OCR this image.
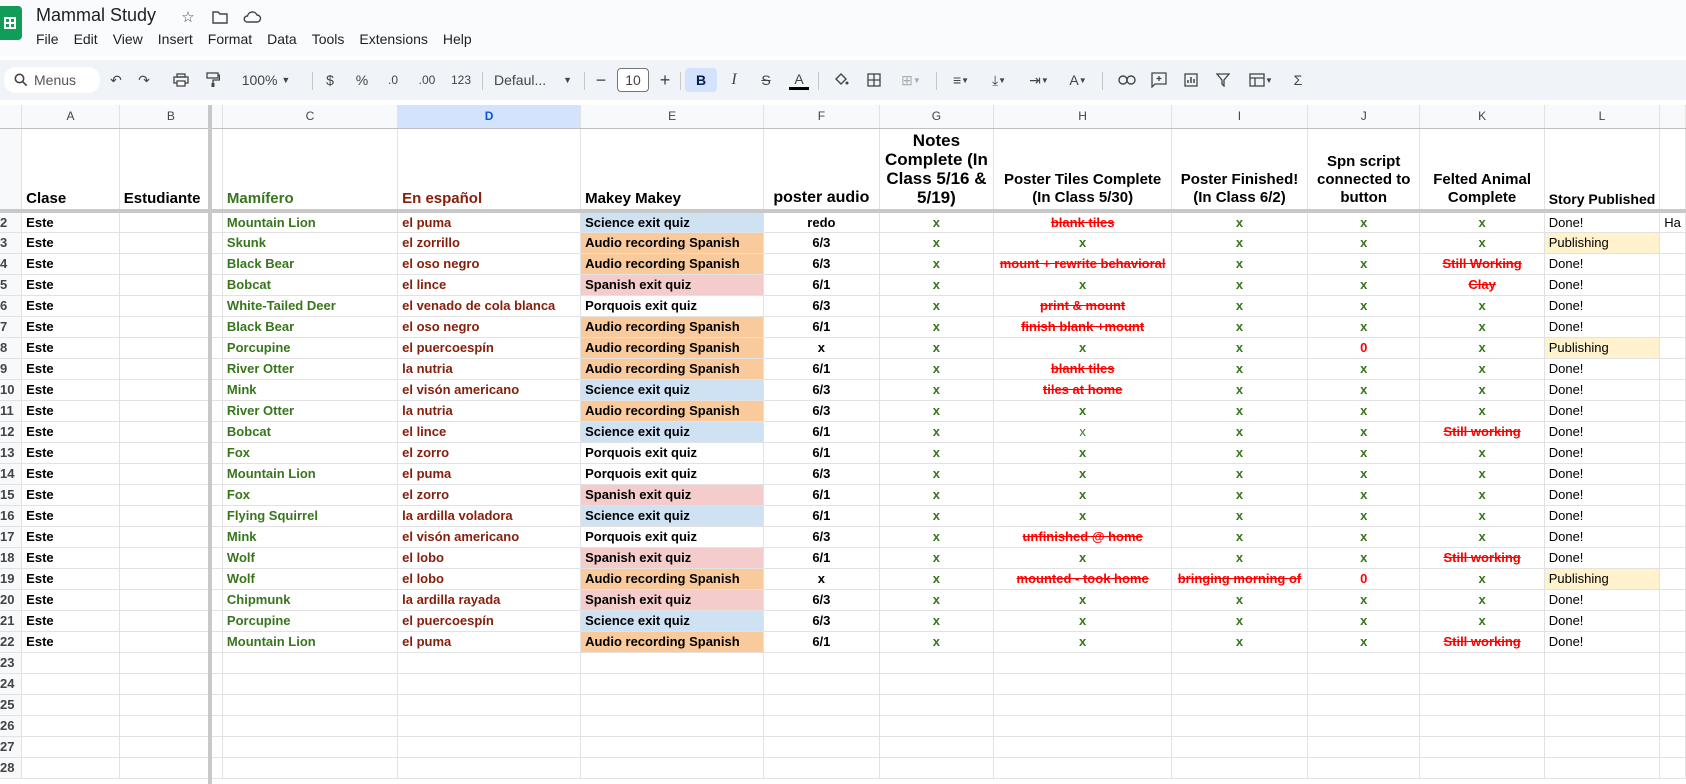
Mammal Study ☆
File	Edit	View	Insert	Format	Data	Tools	Extensions	Help
Menus ↶ ↷	100%
▼	$	%	.0	.00	123 Defaul... ▼ −	10	+	B	I	S	A	⊞ ▼	≡ ▼	⤓ ▼	⇥ ▼	A ▼	▼	Σ
	A	B	C	D	E	F	G	H	I	J	K	L	
	Clase	Estudiante	Mamífero	En español	Makey Makey	poster audio	Notes Complete (In Class 5/16 & 5/19)	Poster Tiles Complete (In Class 5/30)	Poster Finished! (In Class 6/2)	Spn script connected to button	Felted Animal Complete	Story Published	
2	Este		Mountain Lion	el puma	Science exit quiz	redo	x	blank tiles	x	x	x	Done!	Ha
3	Este		Skunk	el zorrillo	Audio recording Spanish	6/3	x	x	x	x	x	Publishing	
4	Este		Black Bear	el oso negro	Audio recording Spanish	6/3	x	mount + rewrite behavioral	x	x	Still Working	Done!	
5	Este		Bobcat	el lince	Spanish exit quiz	6/1	x	x	x	x	Clay	Done!	
6	Este		White-Tailed Deer	el venado de cola blanca	Porquois exit quiz	6/3	x	print & mount	x	x	x	Done!	
7	Este		Black Bear	el oso negro	Audio recording Spanish	6/1	x	finish blank +mount	x	x	x	Done!	
8	Este		Porcupine	el puercoespín	Audio recording Spanish	x	x	x	x	0	x	Publishing	
9	Este		River Otter	la nutria	Audio recording Spanish	6/1	x	blank tiles	x	x	x	Done!	
10	Este		Mink	el visón americano	Science exit quiz	6/3	x	tiles at home	x	x	x	Done!	
11	Este		River Otter	la nutria	Audio recording Spanish	6/3	x	x	x	x	x	Done!	
12	Este		Bobcat	el lince	Science exit quiz	6/1	x	x	x	x	Still working	Done!	
13	Este		Fox	el zorro	Porquois exit quiz	6/1	x	x	x	x	x	Done!	
14	Este		Mountain Lion	el puma	Porquois exit quiz	6/3	x	x	x	x	x	Done!	
15	Este		Fox	el zorro	Spanish exit quiz	6/1	x	x	x	x	x	Done!	
16	Este		Flying Squirrel	la ardilla voladora	Science exit quiz	6/1	x	x	x	x	x	Done!	
17	Este		Mink	el visón americano	Porquois exit quiz	6/3	x	unfinished @ home	x	x	x	Done!	
18	Este		Wolf	el lobo	Spanish exit quiz	6/1	x	x	x	x	Still working	Done!	
19	Este		Wolf	el lobo	Audio recording Spanish	x	x	mounted - took home	bringing morning of	0	x	Publishing	
20	Este		Chipmunk	la ardilla rayada	Spanish exit quiz	6/3	x	x	x	x	x	Done!	
21	Este		Porcupine	el puercoespín	Science exit quiz	6/3	x	x	x	x	x	Done!	
22	Este		Mountain Lion	el puma	Audio recording Spanish	6/1	x	x	x	x	Still working	Done!	
23													
24													
25													
26													
27													
28													
